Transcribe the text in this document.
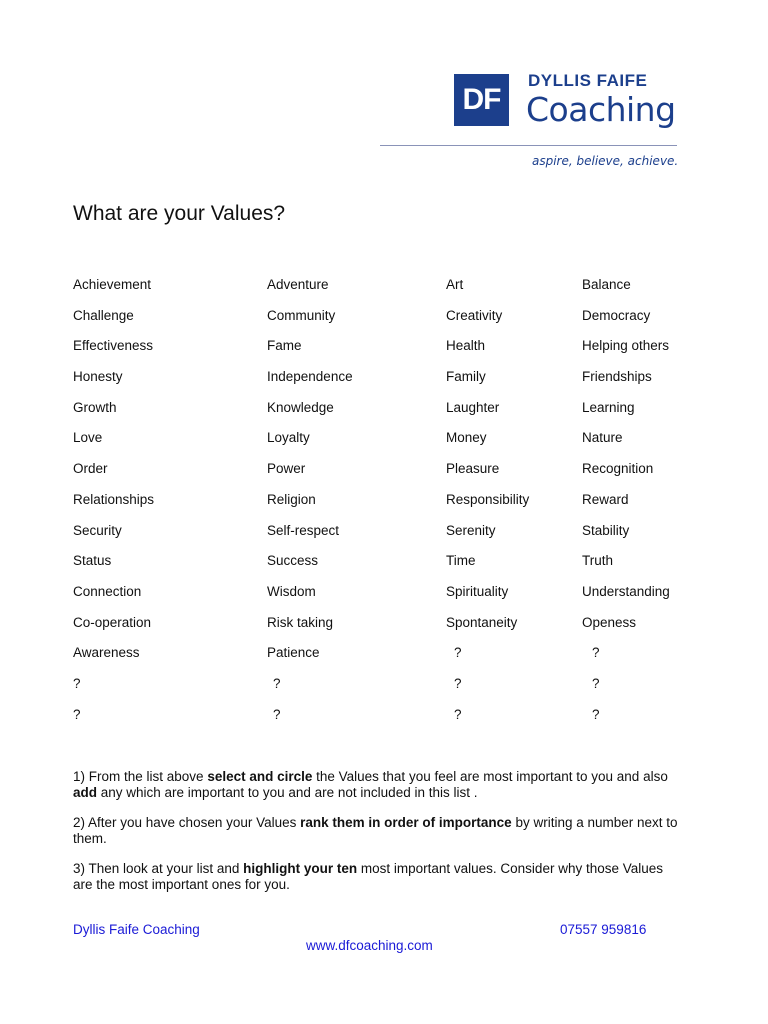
DF
DYLLIS FAIFE
Coaching
aspire, believe, achieve.
What are your Values?
Achievement	Adventure	Art	Balance
Challenge	Community	Creativity	Democracy
Effectiveness	Fame	Health	Helping others
Honesty	Independence	Family	Friendships
Growth	Knowledge	Laughter	Learning
Love	Loyalty	Money	Nature
Order	Power	Pleasure	Recognition
Relationships	Religion	Responsibility	Reward
Security	Self-respect	Serenity	Stability
Status	Success	Time	Truth
Connection	Wisdom	Spirituality	Understanding
Co-operation	Risk taking	Spontaneity	Openess
Awareness	Patience	?	?
?	?	?	?
?	?	?	?

1) From the list above select and circle the Values that you feel are most important to you and also add any which are important to you and are not included in this list .

2) After you have chosen your Values rank them in order of importance by writing a number next to them.

3) Then look at your list and highlight your ten most important values. Consider why those Values are the most important ones for you.

Dyllis Faife Coaching	07557 959816
www.dfcoaching.com
